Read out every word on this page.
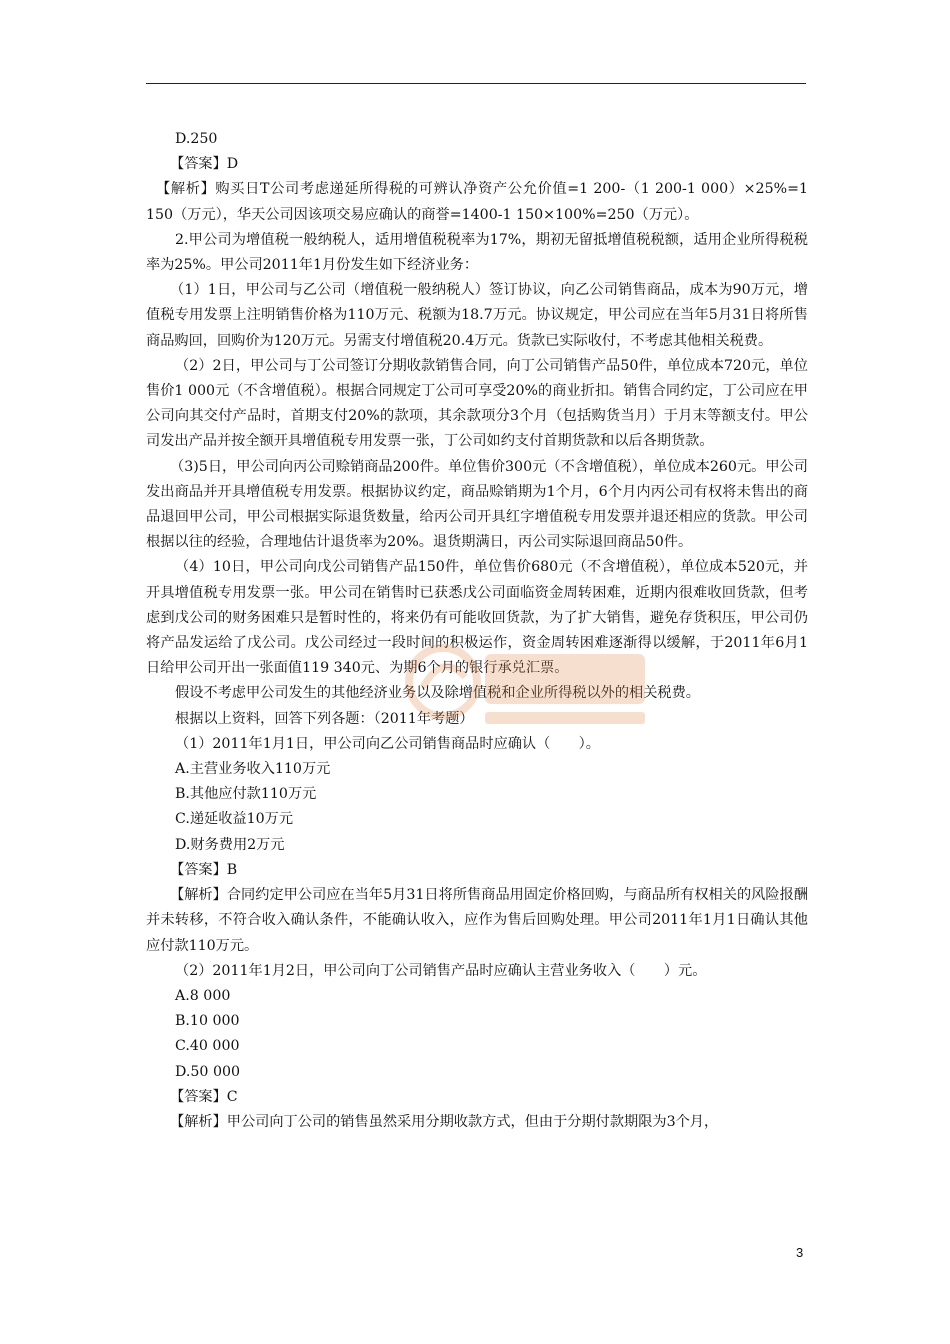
D.250

【答案】D

【解析】购买日T公司考虑递延所得税的可辨认净资产公允价值=1 200-（1 200-1 000）×25%=1 150（万元），华天公司因该项交易应确认的商誉=1400-1 150×100%=250（万元）。

2.甲公司为增值税一般纳税人，适用增值税税率为17%，期初无留抵增值税税额，适用企业所得税税率为25%。甲公司2011年1月份发生如下经济业务：

（1）1日，甲公司与乙公司（增值税一般纳税人）签订协议，向乙公司销售商品，成本为90万元，增值税专用发票上注明销售价格为110万元、税额为18.7万元。协议规定，甲公司应在当年5月31日将所售商品购回，回购价为120万元。另需支付增值税20.4万元。货款已实际收付，不考虑其他相关税费。

（2）2日，甲公司与丁公司签订分期收款销售合同，向丁公司销售产品50件，单位成本720元，单位售价1 000元（不含增值税）。根据合同规定丁公司可享受20%的商业折扣。销售合同约定，丁公司应在甲公司向其交付产品时，首期支付20%的款项，其余款项分3个月（包括购货当月）于月末等额支付。甲公司发出产品并按全额开具增值税专用发票一张，丁公司如约支付首期货款和以后各期货款。

（3)5日，甲公司向丙公司赊销商品200件。单位售价300元（不含增值税），单位成本260元。甲公司发出商品并开具增值税专用发票。根据协议约定，商品赊销期为1个月，6个月内丙公司有权将未售出的商品退回甲公司，甲公司根据实际退货数量，给丙公司开具红字增值税专用发票并退还相应的货款。甲公司根据以往的经验，合理地估计退货率为20%。退货期满日，丙公司实际退回商品50件。

（4）10日，甲公司向戊公司销售产品150件，单位售价680元（不含增值税），单位成本520元，并开具增值税专用发票一张。甲公司在销售时已获悉戊公司面临资金周转困难，近期内很难收回货款，但考虑到戊公司的财务困难只是暂时性的，将来仍有可能收回货款，为了扩大销售，避免存货积压，甲公司仍将产品发运给了戊公司。戊公司经过一段时间的积极运作，资金周转困难逐渐得以缓解，于2011年6月1日给甲公司开出一张面值119 340元、为期6个月的银行承兑汇票。

假设不考虑甲公司发生的其他经济业务以及除增值税和企业所得税以外的相关税费。

根据以上资料，回答下列各题：（2011年考题）

（1）2011年1月1日，甲公司向乙公司销售商品时应确认（　　）。

A.主营业务收入110万元

B.其他应付款110万元

C.递延收益10万元

D.财务费用2万元

【答案】B

【解析】合同约定甲公司应在当年5月31日将所售商品用固定价格回购，与商品所有权相关的风险报酬并未转移，不符合收入确认条件，不能确认收入，应作为售后回购处理。甲公司2011年1月1日确认其他应付款110万元。

（2）2011年1月2日，甲公司向丁公司销售产品时应确认主营业务收入（　　）元。

A.8 000

B.10 000

C.40 000

D.50 000

【答案】C

【解析】甲公司向丁公司的销售虽然采用分期收款方式，但由于分期付款期限为3个月，

3
